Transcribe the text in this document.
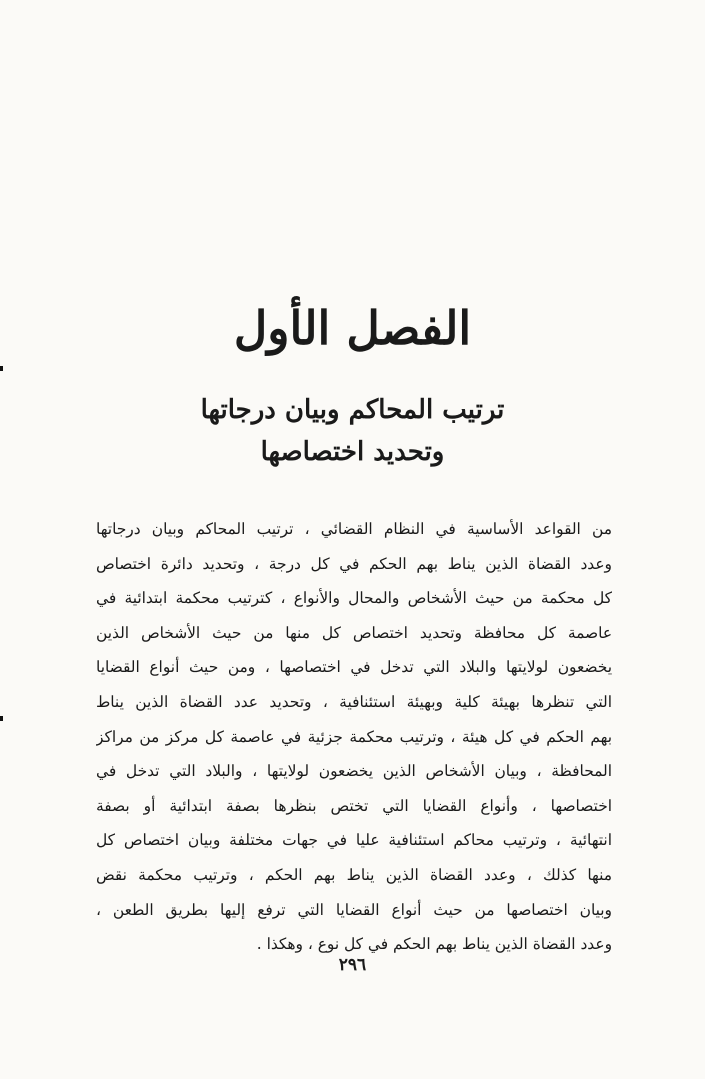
الفصل الأول
ترتيب المحاكم وبيان درجاتها
وتحديد اختصاصها
من القواعد الأساسية في النظام القضائي ، ترتيب المحاكم وبيان درجاتها
وعدد القضاة الذين يناط بهم الحكم في كل درجة ، وتحديد دائرة اختصاص
كل محكمة من حيث الأشخاص والمحال والأنواع ، كترتيب محكمة ابتدائية في
عاصمة كل محافظة وتحديد اختصاص كل منها من حيث الأشخاص الذين
يخضعون لولايتها والبلاد التي تدخل في اختصاصها ، ومن حيث أنواع القضايا
التي تنظرها بهيئة كلية وبهيئة استئنافية ، وتحديد عدد القضاة الذين يناط
بهم الحكم في كل هيئة ، وترتيب محكمة جزئية في عاصمة كل مركز من مراكز
المحافظة ، وبيان الأشخاص الذين يخضعون لولايتها ، والبلاد التي تدخل في
اختصاصها ، وأنواع القضايا التي تختص بنظرها بصفة ابتدائية أو بصفة
انتهائية ، وترتيب محاكم استئنافية عليا في جهات مختلفة وبيان اختصاص كل
منها كذلك ، وعدد القضاة الذين يناط بهم الحكم ، وترتيب محكمة نقض
وبيان اختصاصها من حيث أنواع القضايا التي ترفع إليها بطريق الطعن ،
وعدد القضاة الذين يناط بهم الحكم في كل نوع ، وهكذا .
٢٩٦
